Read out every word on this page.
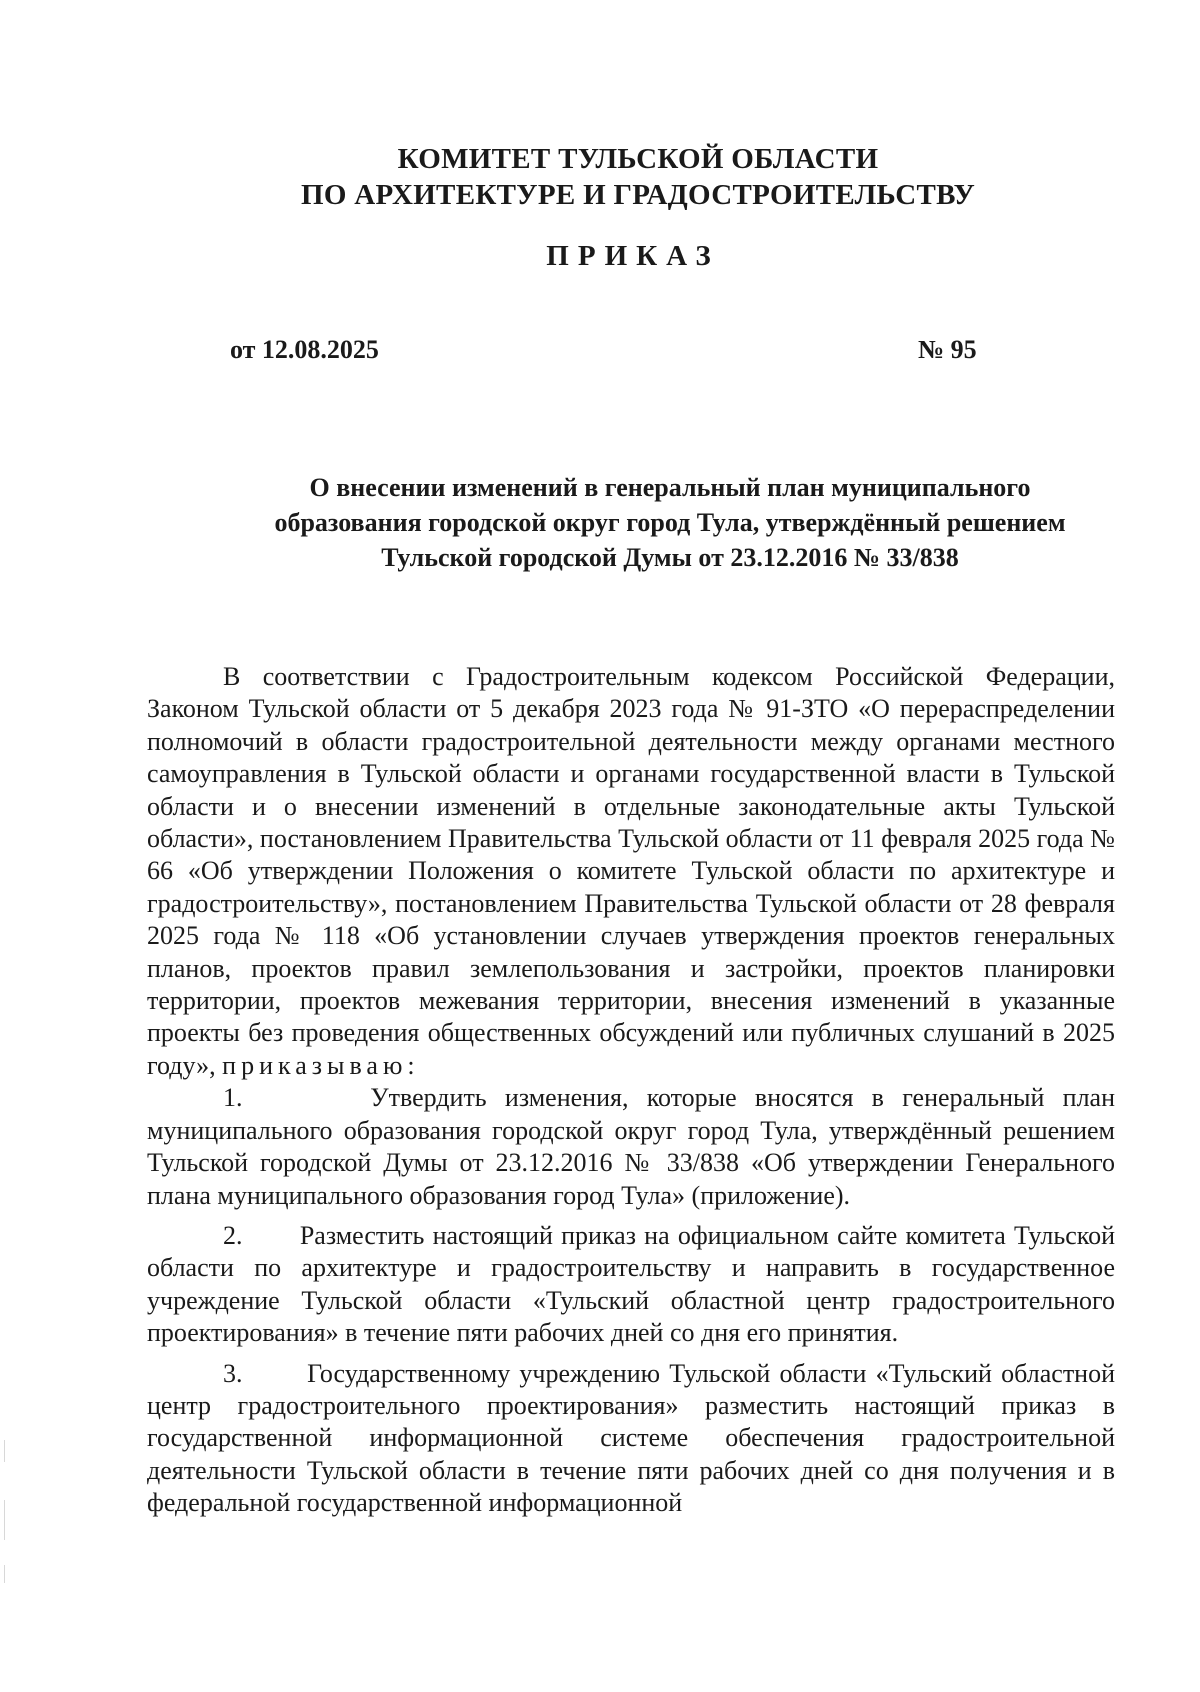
КОМИТЕТ ТУЛЬСКОЙ ОБЛАСТИ
ПО АРХИТЕКТУРЕ И ГРАДОСТРОИТЕЛЬСТВУ
ПРИКАЗ
от 12.08.2025	№ 95
О внесении изменений в генеральный план муниципального
образования городской округ город Тула, утверждённый решением
Тульской городской Думы от 23.12.2016 № 33/838

В соответствии с Градостроительным кодексом Российской Федерации, Законом Тульской области от 5 декабря 2023 года № 91-ЗТО «О перераспределении полномочий в области градостроительной деятельности между органами местного самоуправления в Тульской области и органами государственной власти в Тульской области и о внесении изменений в отдельные законодательные акты Тульской области», постановлением Правительства Тульской области от 11 февраля 2025 года № 66 «Об утверждении Положения о комитете Тульской области по архитектуре и градостроительству», постановлением Правительства Тульской области от 28 февраля 2025 года № 118 «Об установлении случаев утверждения проектов генеральных планов, проектов правил землепользования и застройки, проектов планировки территории, проектов межевания территории, внесения изменений в указанные проекты без проведения общественных обсуждений или публичных слушаний в 2025 году», приказываю:

1.	Утвердить изменения, которые вносятся в генеральный план муниципального образования городской округ город Тула, утверждённый решением Тульской городской Думы от 23.12.2016 № 33/838 «Об утверждении Генерального плана муниципального образования город Тула» (приложение).

2. Разместить настоящий приказ на официальном сайте комитета Тульской области по архитектуре и градостроительству и направить в государственное учреждение Тульской области «Тульский областной центр градостроительного проектирования» в течение пяти рабочих дней со дня его принятия.

3. Государственному учреждению Тульской области «Тульский областной центр градостроительного проектирования» разместить настоящий приказ в государственной информационной системе обеспечения градостроительной деятельности Тульской области в течение пяти рабочих дней со дня получения и в федеральной государственной информационной
